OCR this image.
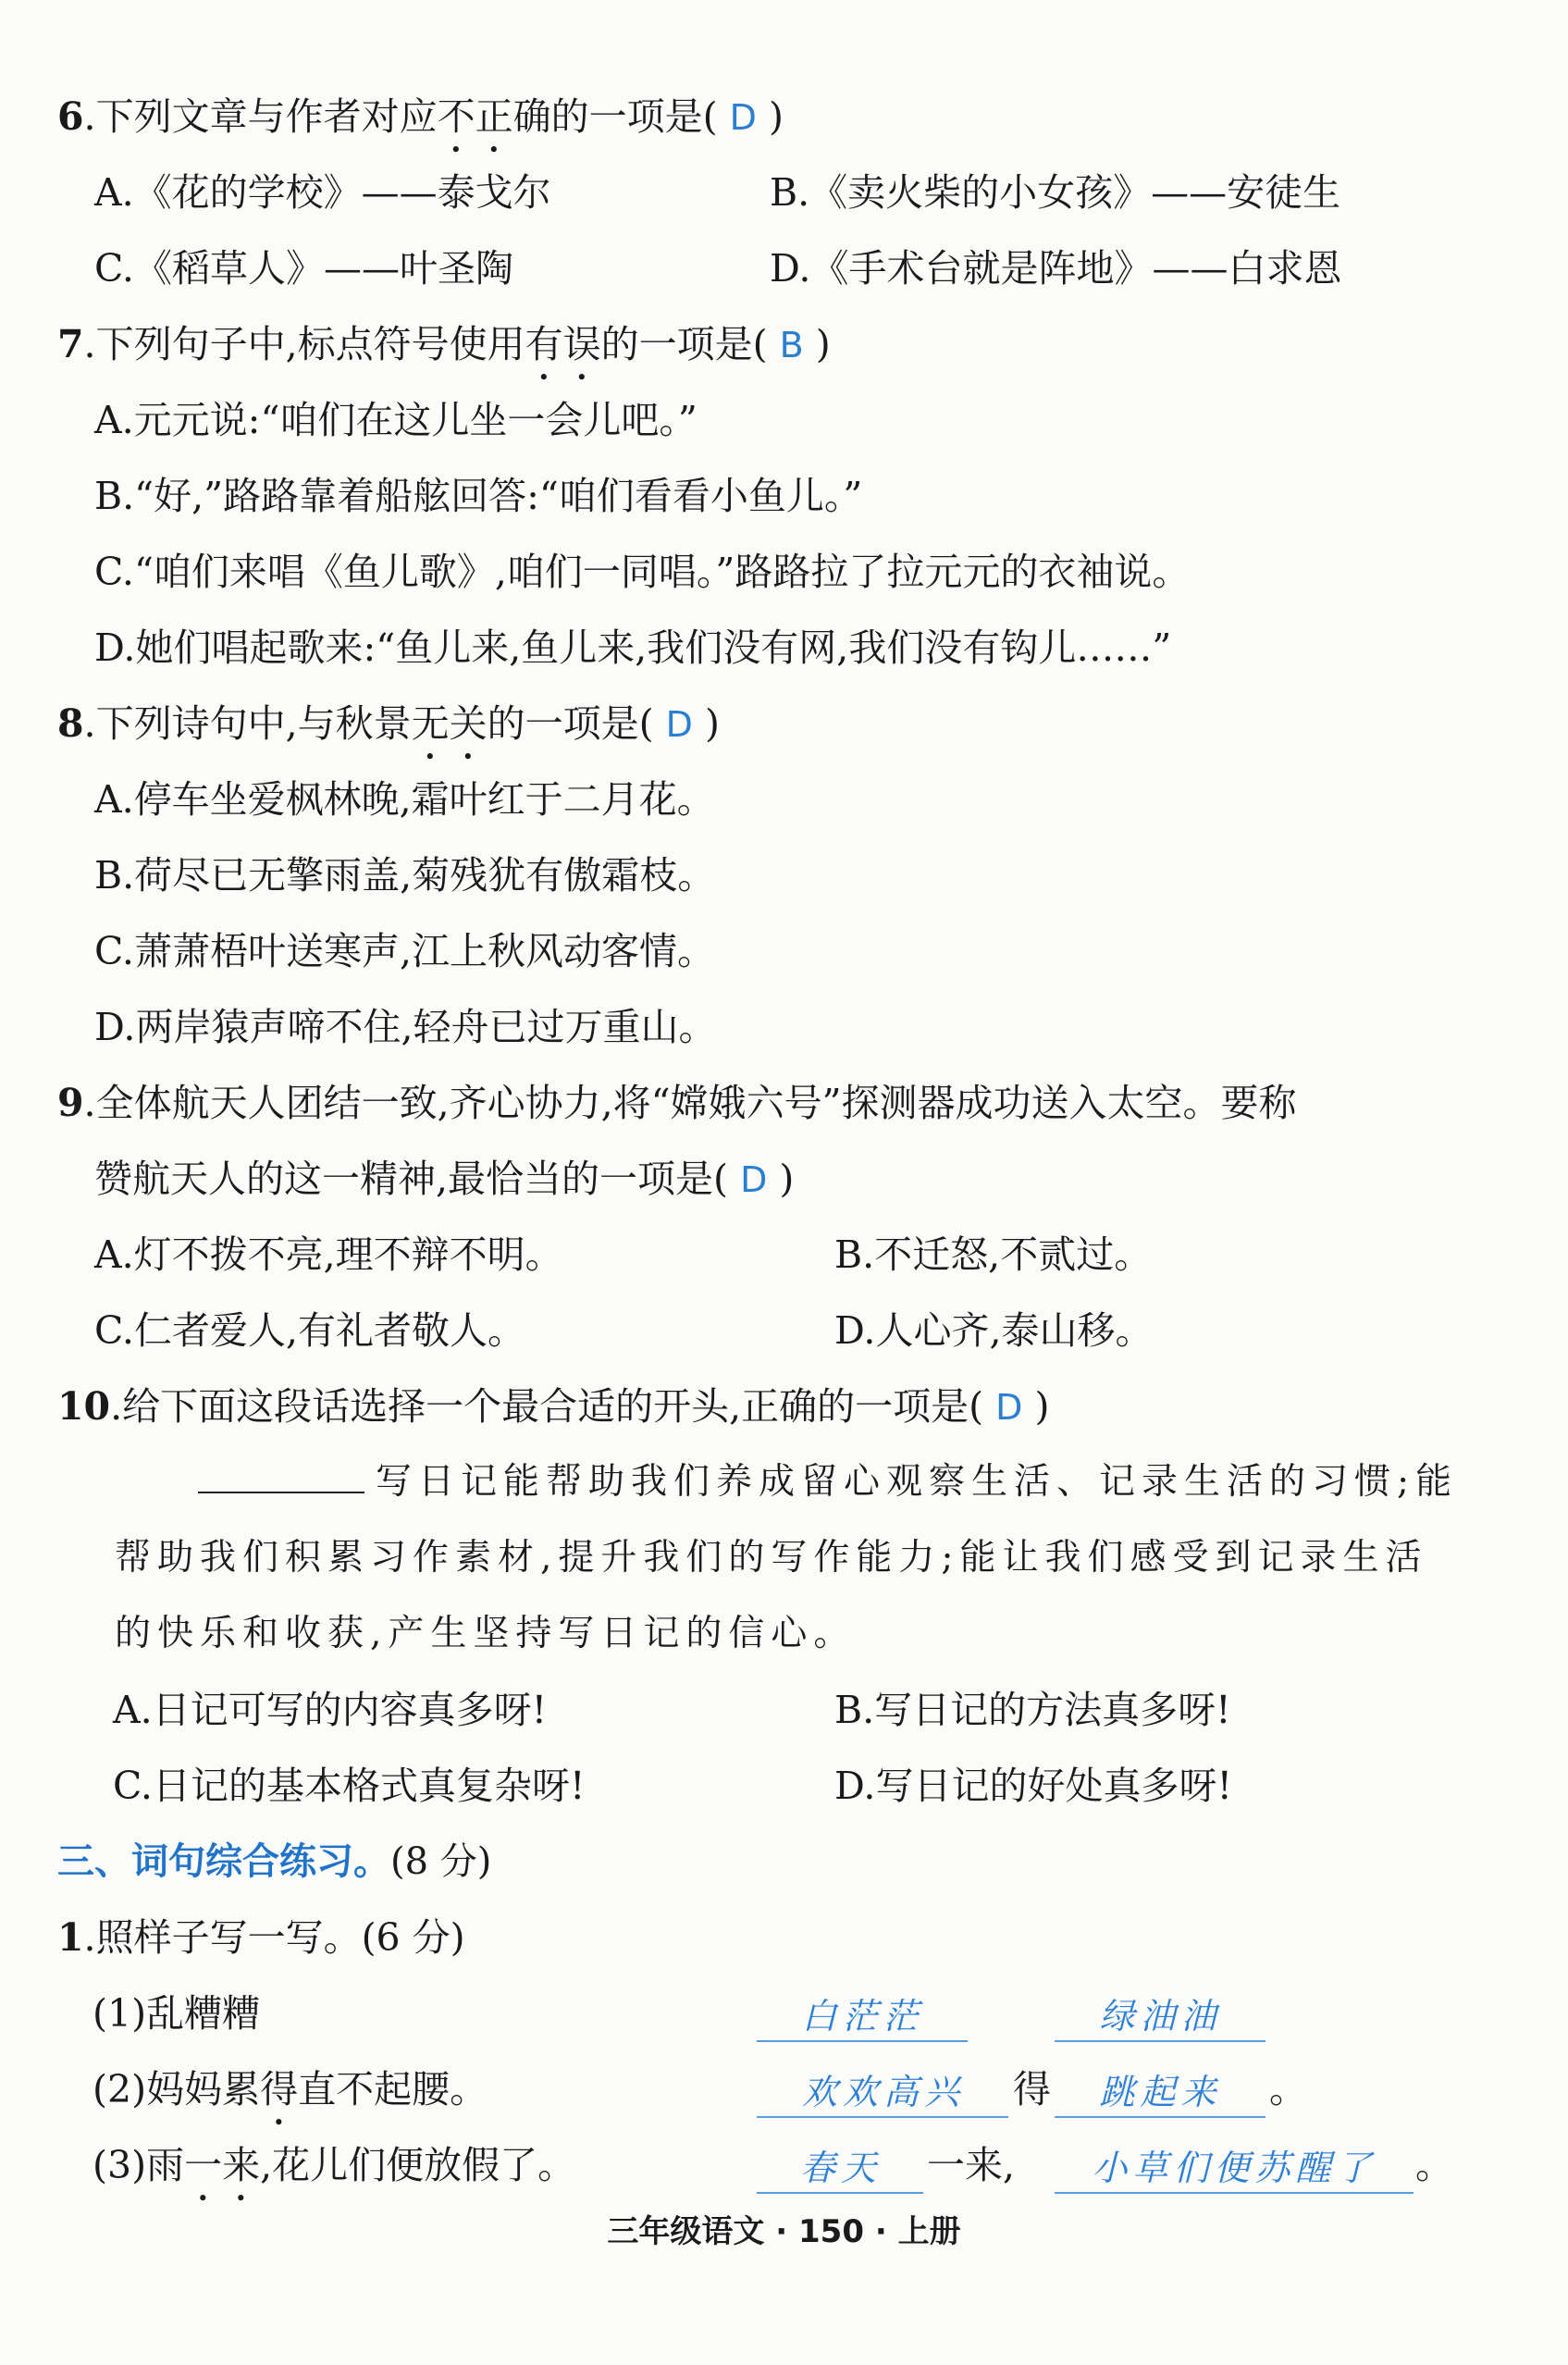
6.下列文章与作者对应不正确的一项是( D )
A.《花的学校》——泰戈尔	B.《卖火柴的小女孩》——安徒生
C.《稻草人》——叶圣陶	D.《手术台就是阵地》——白求恩
7.下列句子中,标点符号使用有误的一项是( B )
A.元元说:“咱们在这儿坐一会儿吧。”
B.“好,”路路靠着船舷回答:“咱们看看小鱼儿。”
C.“咱们来唱《鱼儿歌》,咱们一同唱。”路路拉了拉元元的衣袖说。
D.她们唱起歌来:“鱼儿来,鱼儿来,我们没有网,我们没有钩儿……”
8.下列诗句中,与秋景无关的一项是( D )
A.停车坐爱枫林晚,霜叶红于二月花。
B.荷尽已无擎雨盖,菊残犹有傲霜枝。
C.萧萧梧叶送寒声,江上秋风动客情。
D.两岸猿声啼不住,轻舟已过万重山。
9.全体航天人团结一致,齐心协力,将“嫦娥六号”探测器成功送入太空。要称
赞航天人的这一精神,最恰当的一项是( D )
A.灯不拨不亮,理不辩不明。	B.不迁怒,不贰过。
C.仁者爱人,有礼者敬人。	D.人心齐,泰山移。
10.给下面这段话选择一个最合适的开头,正确的一项是( D )
写日记能帮助我们养成留心观察生活、记录生活的习惯;能
帮助我们积累习作素材,提升我们的写作能力;能让我们感受到记录生活
的快乐和收获,产生坚持写日记的信心。
A.日记可写的内容真多呀!	B.写日记的方法真多呀!
C.日记的基本格式真复杂呀!	D.写日记的好处真多呀!
三、词句综合练习。(8 分)
1.照样子写一写。(6 分)
(1)乱糟糟	白茫茫	绿油油
(2)妈妈累得直不起腰。	欢欢高兴	得	跳起来	。
(3)雨一来,花儿们便放假了。	春天	一来,	小草们便苏醒了	。
三年级语文 · 150 · 上册
